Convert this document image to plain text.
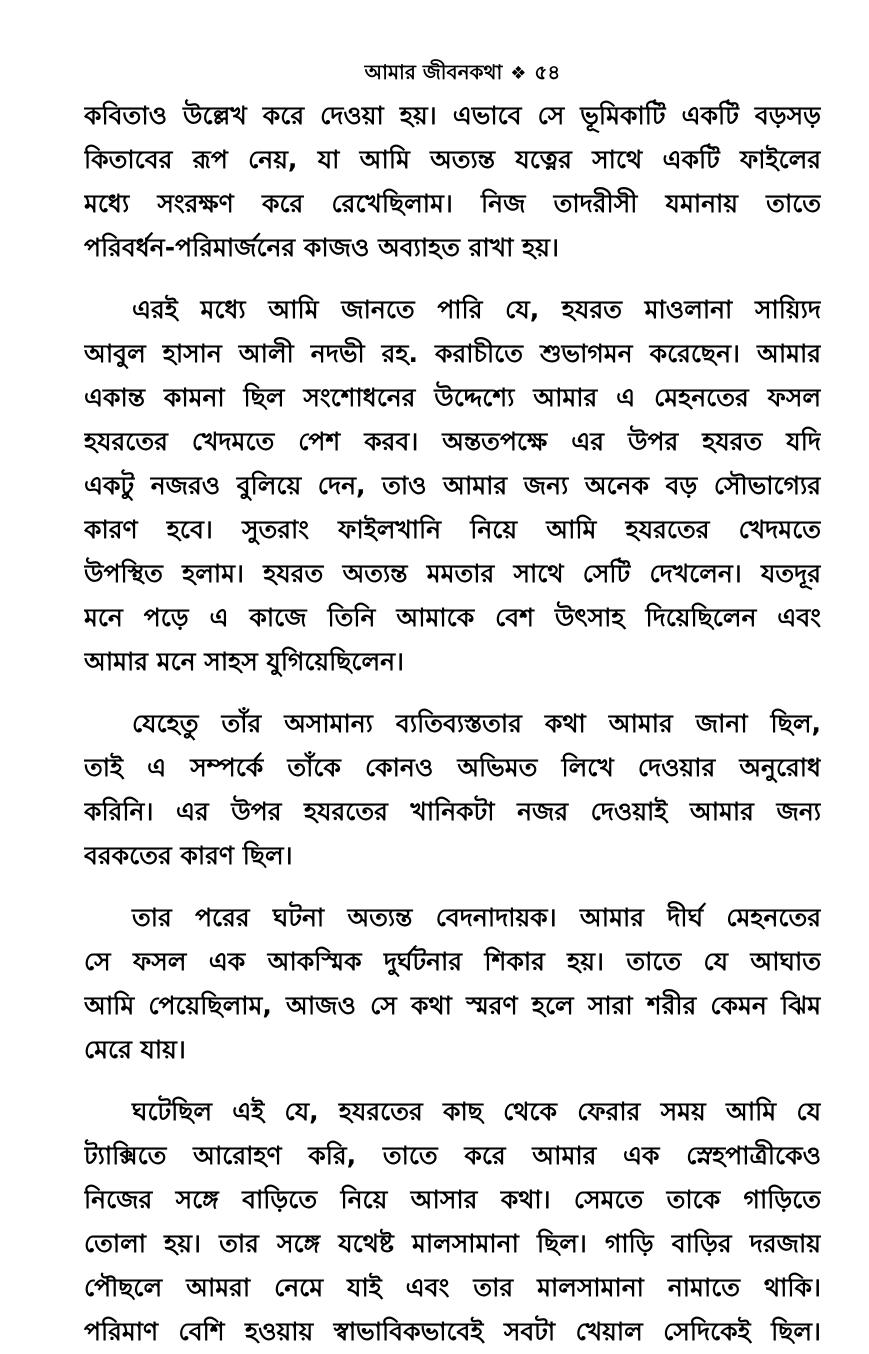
আমার জীবনকথা ❖ ৫৪
কবিতাও উল্লেখ করে দেওয়া হয়। এভাবে সে ভূমিকাটি একটি বড়সড়
কিতাবের রূপ নেয়, যা আমি অত্যন্ত যত্নের সাথে একটি ফাইলের
মধ্যে সংরক্ষণ করে রেখেছিলাম। নিজ তাদরীসী যমানায় তাতে
পরিবর্ধন-পরিমার্জনের কাজও অব্যাহত রাখা হয়।
এরই মধ্যে আমি জানতে পারি যে, হযরত মাওলানা সায়্যিদ
আবুল হাসান আলী নদভী রহ. করাচীতে শুভাগমন করেছেন। আমার
একান্ত কামনা ছিল সংশোধনের উদ্দেশ্যে আমার এ মেহনতের ফসল
হযরতের খেদমতে পেশ করব। অন্ততপক্ষে এর উপর হযরত যদি
একটু নজরও বুলিয়ে দেন, তাও আমার জন্য অনেক বড় সৌভাগ্যের
কারণ হবে। সুতরাং ফাইলখানি নিয়ে আমি হযরতের খেদমতে
উপস্থিত হলাম। হযরত অত্যন্ত মমতার সাথে সেটি দেখলেন। যতদূর
মনে পড়ে এ কাজে তিনি আমাকে বেশ উৎসাহ দিয়েছিলেন এবং
আমার মনে সাহস যুগিয়েছিলেন।
যেহেতু তাঁর অসামান্য ব্যতিব্যস্ততার কথা আমার জানা ছিল,
তাই এ সম্পর্কে তাঁকে কোনও অভিমত লিখে দেওয়ার অনুরোধ
করিনি। এর উপর হযরতের খানিকটা নজর দেওয়াই আমার জন্য
বরকতের কারণ ছিল।
তার পরের ঘটনা অত্যন্ত বেদনাদায়ক। আমার দীর্ঘ মেহনতের
সে ফসল এক আকস্মিক দুর্ঘটনার শিকার হয়। তাতে যে আঘাত
আমি পেয়েছিলাম, আজও সে কথা স্মরণ হলে সারা শরীর কেমন ঝিম
মেরে যায়।
ঘটেছিল এই যে, হযরতের কাছ থেকে ফেরার সময় আমি যে
ট্যাক্সিতে আরোহণ করি, তাতে করে আমার এক স্নেহপাত্রীকেও
নিজের সঙ্গে বাড়িতে নিয়ে আসার কথা। সেমতে তাকে গাড়িতে
তোলা হয়। তার সঙ্গে যথেষ্ট মালসামানা ছিল। গাড়ি বাড়ির দরজায়
পৌছলে আমরা নেমে যাই এবং তার মালসামানা নামাতে থাকি।
পরিমাণ বেশি হওয়ায় স্বাভাবিকভাবেই সবটা খেয়াল সেদিকেই ছিল।
